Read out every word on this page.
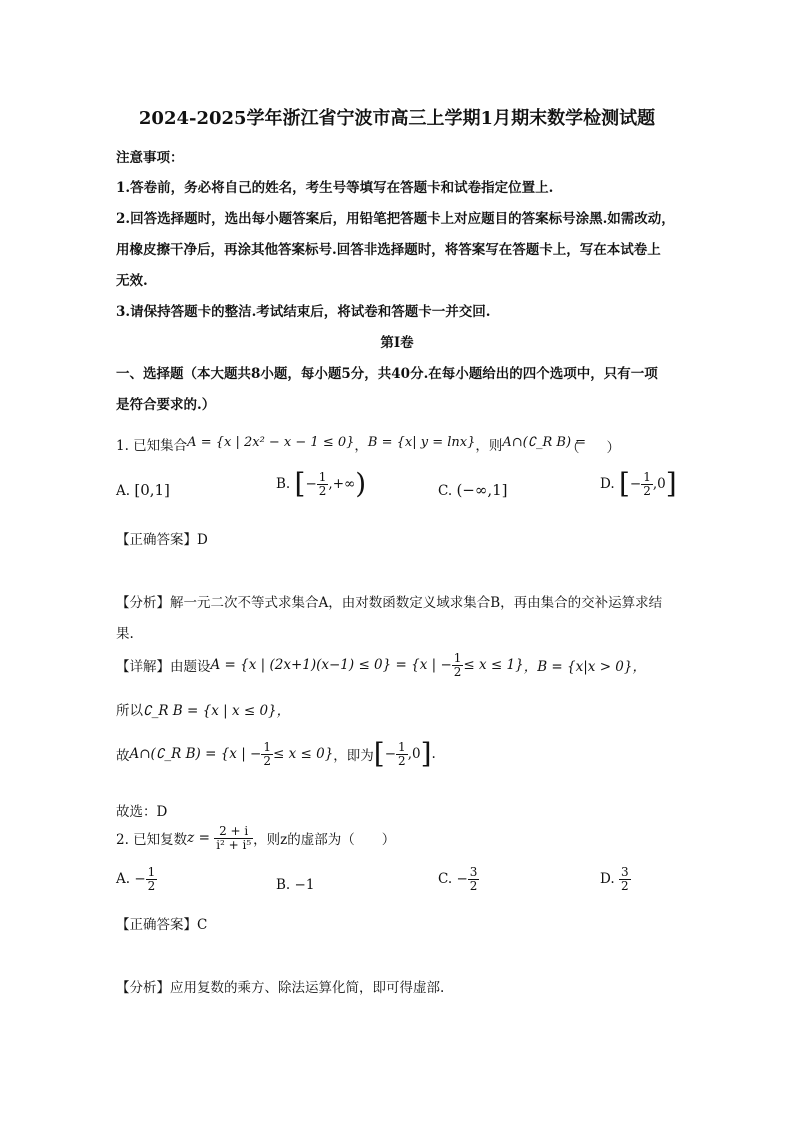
2024-2025学年浙江省宁波市高三上学期1月期末数学检测试题
注意事项：
1.答卷前，务必将自己的姓名，考生号等填写在答题卡和试卷指定位置上.
2.回答选择题时，选出每小题答案后，用铅笔把答题卡上对应题目的答案标号涂黑.如需改动，
用橡皮擦干净后，再涂其他答案标号.回答非选择题时，将答案写在答题卡上，写在本试卷上
无效.
3.请保持答题卡的整洁.考试结束后，将试卷和答题卡一并交回.
第Ⅰ卷
一、选择题（本大题共8小题，每小题5分，共40分.在每小题给出的四个选项中，只有一项
是符合要求的.）
1. 已知集合A = {x | 2x² − x − 1 ≤ 0}，B = {x| y = lnx}，则A∩(∁_R B) =
（　　）
A. [0,1]	B. [− $\frac{1}{2}$ ,+∞)	C. (−∞,1]	D. [− $\frac{1}{2} ,0$]
【正确答案】D
【分析】解一元二次不等式求集合A，由对数函数定义域求集合B，再由集合的交补运算求结
果.
【详解】由题设A = {x | (2x+1)(x−1) ≤ 0} = {x | − $\frac{1}{2} \le x \le 1$}，B = {x|x > 0}，
所以∁_R B = {x | x ≤ 0}，
故A∩(∁_R B) = {x | − $\frac{1}{2} \le x \le 0$}，即为[− $\frac{1}{2} ,0$].
故选：D
2. 已知复数$z = \frac{2 + i}{\text{i² + i⁵}}$ ，则z的虚部为（　　）
A. − $\frac{1}{2}$	B. −1	C. − $\frac{3}{2}$	D. $\frac{3}{2}$
【正确答案】C
【分析】应用复数的乘方、除法运算化简，即可得虚部.
